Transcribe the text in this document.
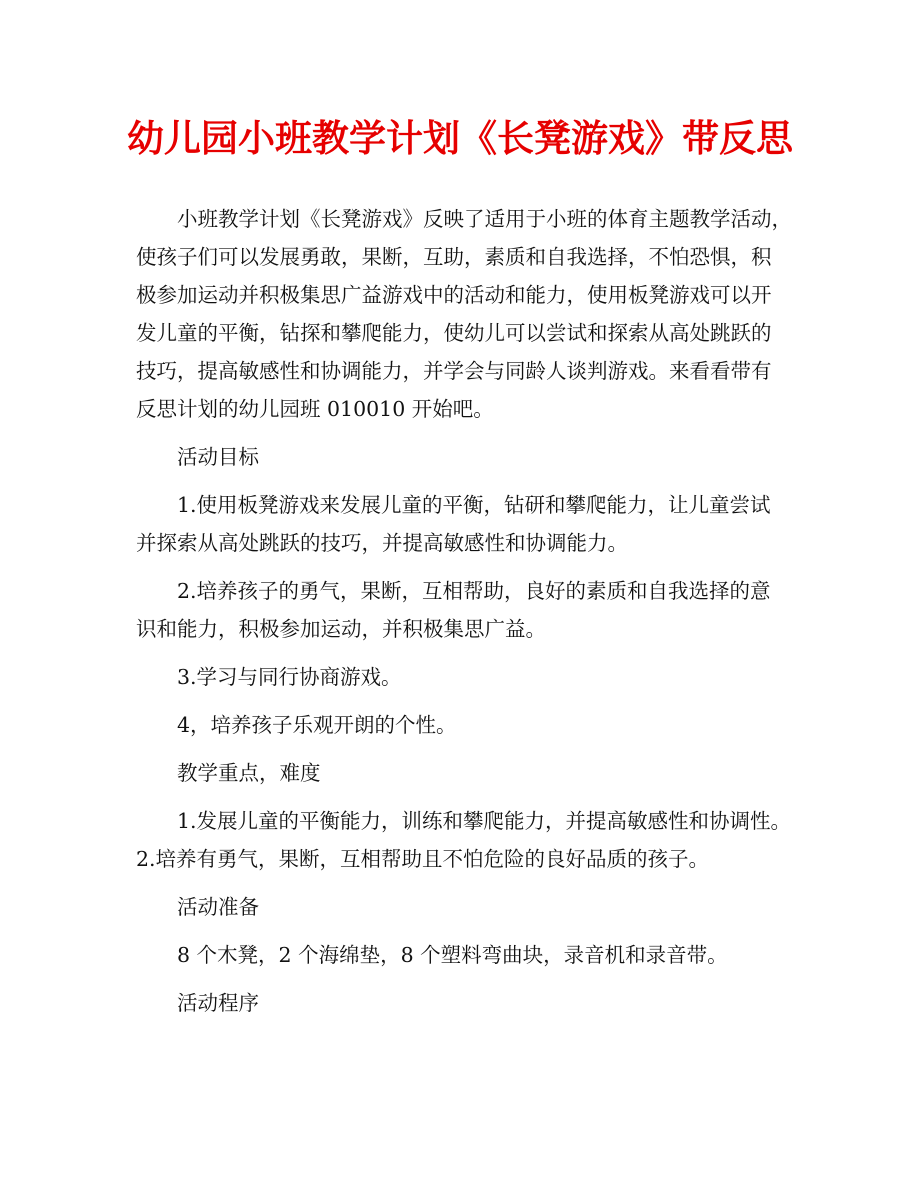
幼儿园小班教学计划《长凳游戏》带反思
小班教学计划《长凳游戏》反映了适用于小班的体育主题教学活动，
使孩子们可以发展勇敢，果断，互助，素质和自我选择，不怕恐惧，积
极参加运动并积极集思广益游戏中的活动和能力，使用板凳游戏可以开
发儿童的平衡，钻探和攀爬能力，使幼儿可以尝试和探索从高处跳跃的
技巧，提高敏感性和协调能力，并学会与同龄人谈判游戏。来看看带有
反思计划的幼儿园班 010010 开始吧。
活动目标
1.使用板凳游戏来发展儿童的平衡，钻研和攀爬能力，让儿童尝试
并探索从高处跳跃的技巧，并提高敏感性和协调能力。
2.培养孩子的勇气，果断，互相帮助，良好的素质和自我选择的意
识和能力，积极参加运动，并积极集思广益。
3.学习与同行协商游戏。
4，培养孩子乐观开朗的个性。
教学重点，难度
1.发展儿童的平衡能力，训练和攀爬能力，并提高敏感性和协调性。
2.培养有勇气，果断，互相帮助且不怕危险的良好品质的孩子。
活动准备
8 个木凳，2 个海绵垫，8 个塑料弯曲块，录音机和录音带。
活动程序
